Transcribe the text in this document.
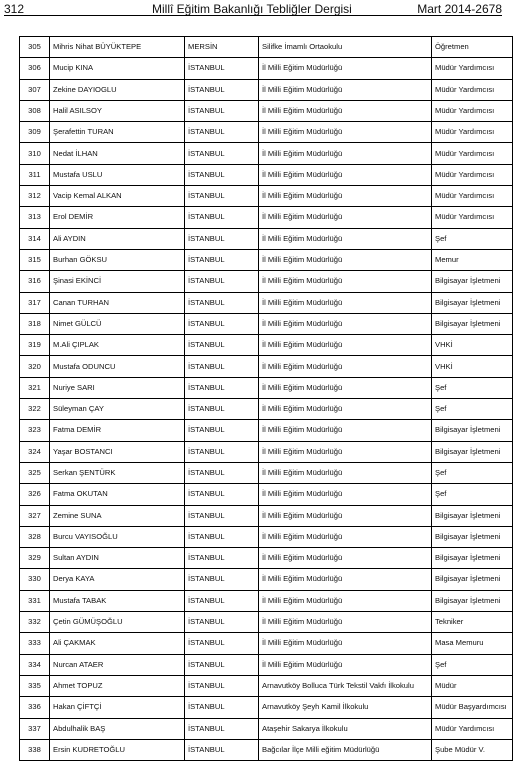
312	Millî Eğitim Bakanlığı Tebliğler Dergisi	Mart 2014-2678
305	Mihris Nihat BÜYÜKTEPE	MERSİN	Silifke İmamlı Ortaokulu	Öğretmen
306	Mucip KINA	İSTANBUL	İl Milli Eğitim Müdürlüğü	Müdür Yardımcısı
307	Zekine DAYIOGLU	İSTANBUL	İl Milli Eğitim Müdürlüğü	Müdür Yardımcısı
308	Halil ASILSOY	İSTANBUL	İl Milli Eğitim Müdürlüğü	Müdür Yardımcısı
309	Şerafettin TURAN	İSTANBUL	İl Milli Eğitim Müdürlüğü	Müdür Yardımcısı
310	Nedat İLHAN	İSTANBUL	İl Milli Eğitim Müdürlüğü	Müdür Yardımcısı
311	Mustafa USLU	İSTANBUL	İl Milli Eğitim Müdürlüğü	Müdür Yardımcısı
312	Vacip Kemal ALKAN	İSTANBUL	İl Milli Eğitim Müdürlüğü	Müdür Yardımcısı
313	Erol DEMİR	İSTANBUL	İl Milli Eğitim Müdürlüğü	Müdür Yardımcısı
314	Ali AYDIN	İSTANBUL	İl Milli Eğitim Müdürlüğü	Şef
315	Burhan GÖKSU	İSTANBUL	İl Milli Eğitim Müdürlüğü	Memur
316	Şinasi EKİNCİ	İSTANBUL	İl Milli Eğitim Müdürlüğü	Bilgisayar İşletmeni
317	Canan TURHAN	İSTANBUL	İl Milli Eğitim Müdürlüğü	Bilgisayar İşletmeni
318	Nimet GÜLCÜ	İSTANBUL	İl Milli Eğitim Müdürlüğü	Bilgisayar İşletmeni
319	M.Ali ÇIPLAK	İSTANBUL	İl Milli Eğitim Müdürlüğü	VHKİ
320	Mustafa ODUNCU	İSTANBUL	İl Milli Eğitim Müdürlüğü	VHKİ
321	Nuriye SARI	İSTANBUL	İl Milli Eğitim Müdürlüğü	Şef
322	Süleyman ÇAY	İSTANBUL	İl Milli Eğitim Müdürlüğü	Şef
323	Fatma DEMİR	İSTANBUL	İl Milli Eğitim Müdürlüğü	Bilgisayar İşletmeni
324	Yaşar BOSTANCI	İSTANBUL	İl Milli Eğitim Müdürlüğü	Bilgisayar İşletmeni
325	Serkan ŞENTÜRK	İSTANBUL	İl Milli Eğitim Müdürlüğü	Şef
326	Fatma OKUTAN	İSTANBUL	İl Milli Eğitim Müdürlüğü	Şef
327	Zemine SUNA	İSTANBUL	İl Milli Eğitim Müdürlüğü	Bilgisayar İşletmeni
328	Burcu VAYISOĞLU	İSTANBUL	İl Milli Eğitim Müdürlüğü	Bilgisayar İşletmeni
329	Sultan AYDIN	İSTANBUL	İl Milli Eğitim Müdürlüğü	Bilgisayar İşletmeni
330	Derya KAYA	İSTANBUL	İl Milli Eğitim Müdürlüğü	Bilgisayar İşletmeni
331	Mustafa TABAK	İSTANBUL	İl Milli Eğitim Müdürlüğü	Bilgisayar İşletmeni
332	Çetin GÜMÜŞOĞLU	İSTANBUL	İl Milli Eğitim Müdürlüğü	Tekniker
333	Ali ÇAKMAK	İSTANBUL	İl Milli Eğitim Müdürlüğü	Masa Memuru
334	Nurcan ATAER	İSTANBUL	İl Milli Eğitim Müdürlüğü	Şef
335	Ahmet TOPUZ	İSTANBUL	Arnavutköy Bolluca Türk Tekstil Vakfı İlkokulu	Müdür
336	Hakan ÇİFTÇİ	İSTANBUL	Arnavutköy Şeyh Kamil İlkokulu	Müdür Başyardımcısı
337	Abdulhalik BAŞ	İSTANBUL	Ataşehir Sakarya İlkokulu	Müdür Yardımcısı
338	Ersin KUDRETOĞLU	İSTANBUL	Bağcılar İlçe Milli eğitim Müdürlüğü	Şube Müdür V.
